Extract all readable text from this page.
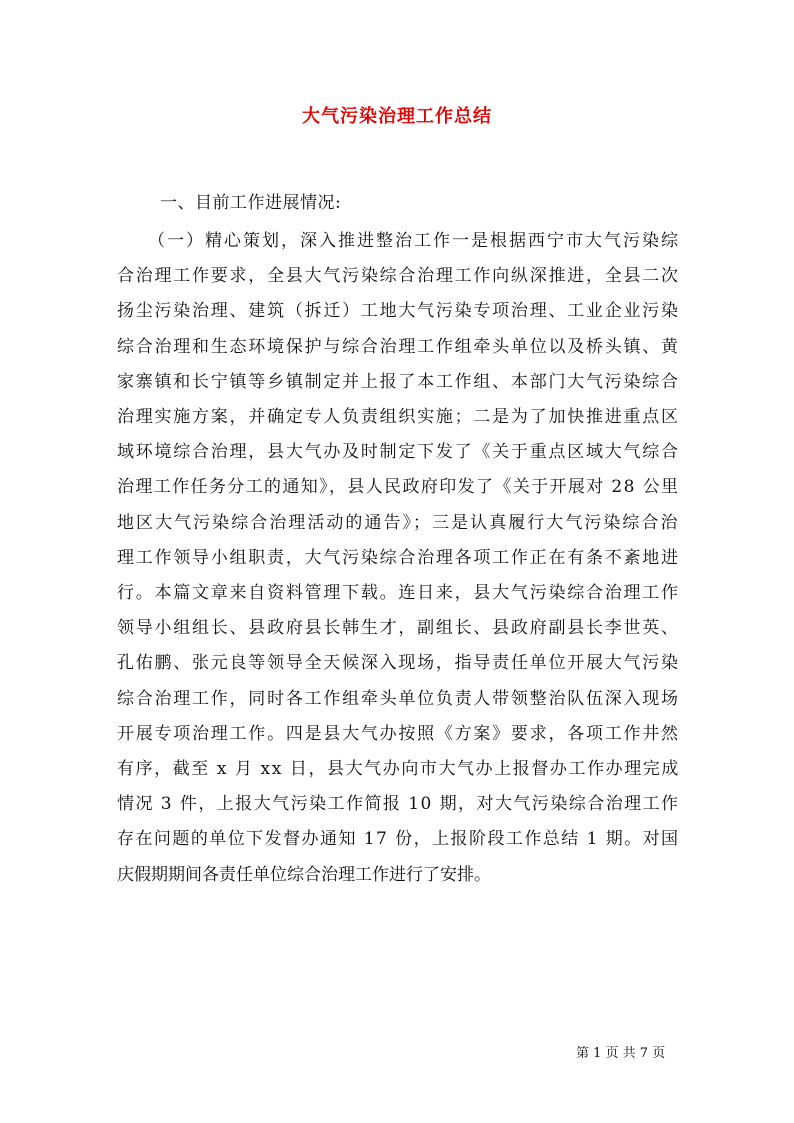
大气污染治理工作总结
一、目前工作进展情况:
（一）精心策划，深入推进整治工作一是根据西宁市大气污染综
合治理工作要求，全县大气污染综合治理工作向纵深推进，全县二次
扬尘污染治理、建筑（拆迁）工地大气污染专项治理、工业企业污染
综合治理和生态环境保护与综合治理工作组牵头单位以及桥头镇、黄
家寨镇和长宁镇等乡镇制定并上报了本工作组、本部门大气污染综合
治理实施方案，并确定专人负责组织实施；二是为了加快推进重点区
域环境综合治理，县大气办及时制定下发了《关于重点区域大气综合
治理工作任务分工的通知》，县人民政府印发了《关于开展对 28 公里
地区大气污染综合治理活动的通告》；三是认真履行大气污染综合治
理工作领导小组职责，大气污染综合治理各项工作正在有条不紊地进
行。本篇文章来自资料管理下载。连日来，县大气污染综合治理工作
领导小组组长、县政府县长韩生才，副组长、县政府副县长李世英、
孔佑鹏、张元良等领导全天候深入现场，指导责任单位开展大气污染
综合治理工作，同时各工作组牵头单位负责人带领整治队伍深入现场
开展专项治理工作。四是县大气办按照《方案》要求，各项工作井然
有序，截至 x 月 xx 日，县大气办向市大气办上报督办工作办理完成
情况 3 件，上报大气污染工作简报 10 期，对大气污染综合治理工作
存在问题的单位下发督办通知 17 份，上报阶段工作总结 1 期。对国
庆假期期间各责任单位综合治理工作进行了安排。
第 1 页 共 7 页
